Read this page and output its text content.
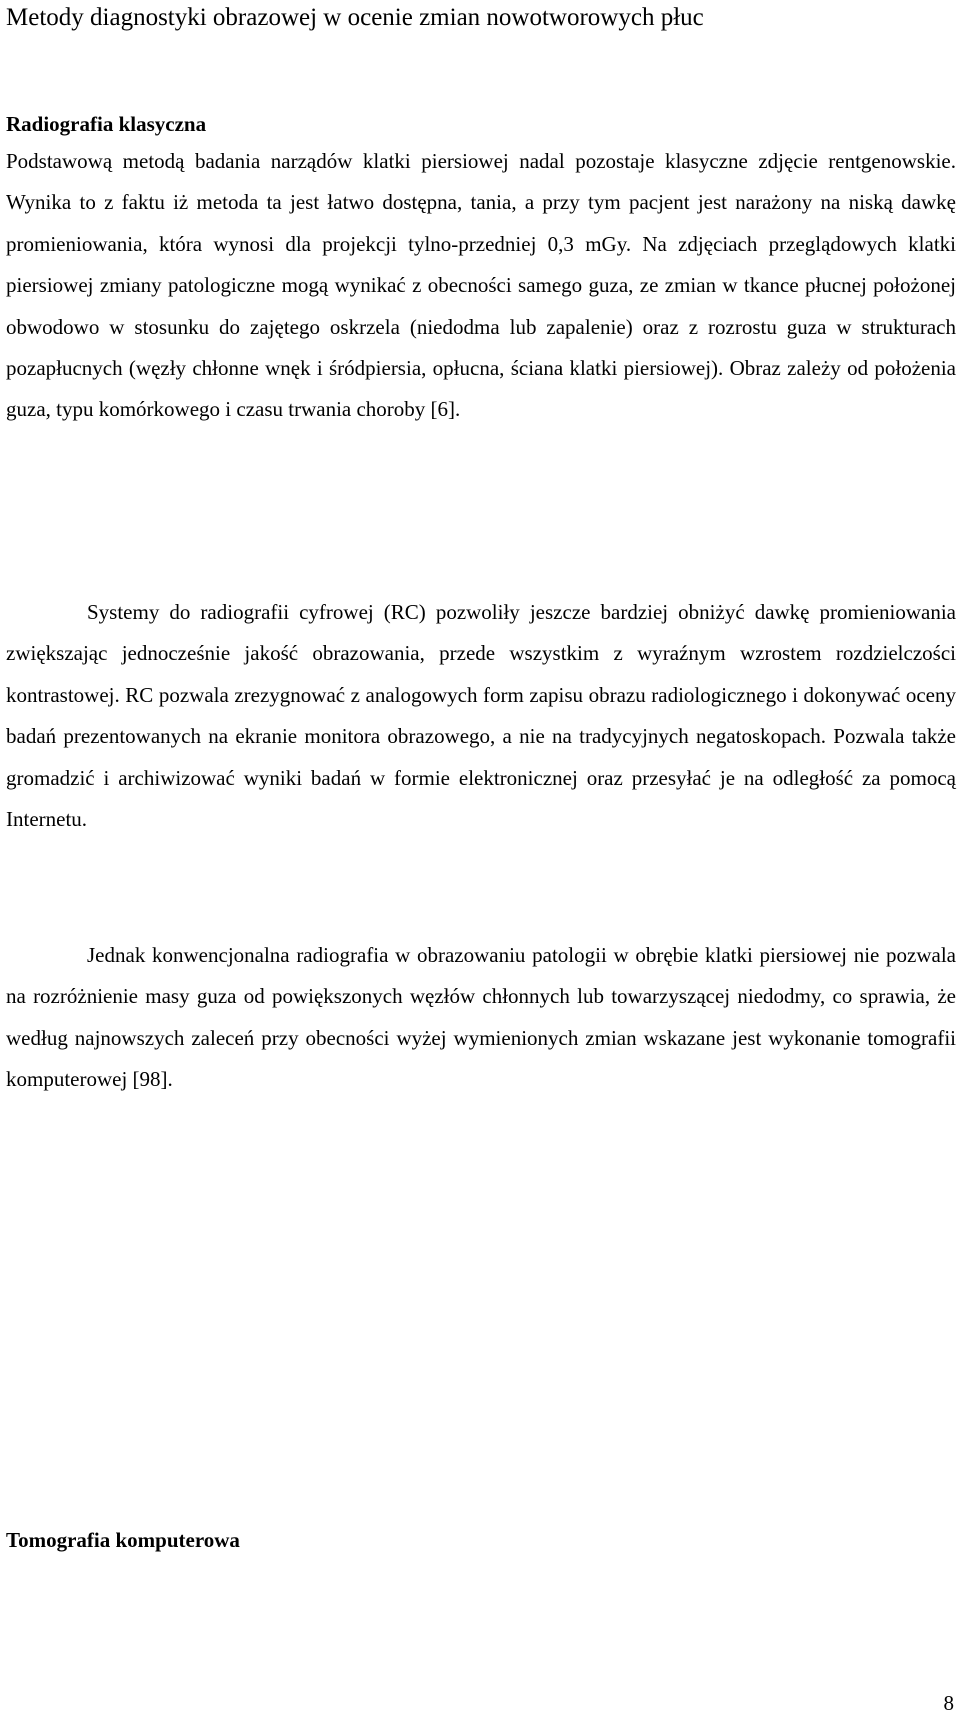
Metody diagnostyki obrazowej w ocenie zmian nowotworowych płuc
Radiografia klasyczna

Podstawową metodą badania narządów klatki piersiowej nadal pozostaje klasyczne zdjęcie rentgenowskie. Wynika to z faktu iż metoda ta jest łatwo dostępna, tania, a przy tym pacjent jest narażony na niską dawkę promieniowania, która wynosi dla projekcji tylno-przedniej 0,3 mGy. Na zdjęciach przeglądowych klatki piersiowej zmiany patologiczne mogą wynikać z obecności samego guza, ze zmian w tkance płucnej położonej obwodowo w stosunku do zajętego oskrzela (niedodma lub zapalenie) oraz z rozrostu guza w strukturach pozapłucnych (węzły chłonne wnęk i śródpiersia, opłucna, ściana klatki piersiowej). Obraz zależy od położenia guza, typu komórkowego i czasu trwania choroby [6].

Systemy do radiografii cyfrowej (RC) pozwoliły jeszcze bardziej obniżyć dawkę promieniowania zwiększając jednocześnie jakość obrazowania, przede wszystkim z wyraźnym wzrostem rozdzielczości kontrastowej. RC pozwala zrezygnować z analogowych form zapisu obrazu radiologicznego i dokonywać oceny badań prezentowanych na ekranie monitora obrazowego, a nie na tradycyjnych negatoskopach. Pozwala także gromadzić i archiwizować wyniki badań w formie elektronicznej oraz przesyłać je na odległość za pomocą Internetu.

Jednak konwencjonalna radiografia w obrazowaniu patologii w obrębie klatki piersiowej nie pozwala na rozróżnienie masy guza od powiększonych węzłów chłonnych lub towarzyszącej niedodmy, co sprawia, że według najnowszych zaleceń przy obecności wyżej wymienionych zmian wskazane jest wykonanie tomografii komputerowej [98].

Tomografia komputerowa
8
